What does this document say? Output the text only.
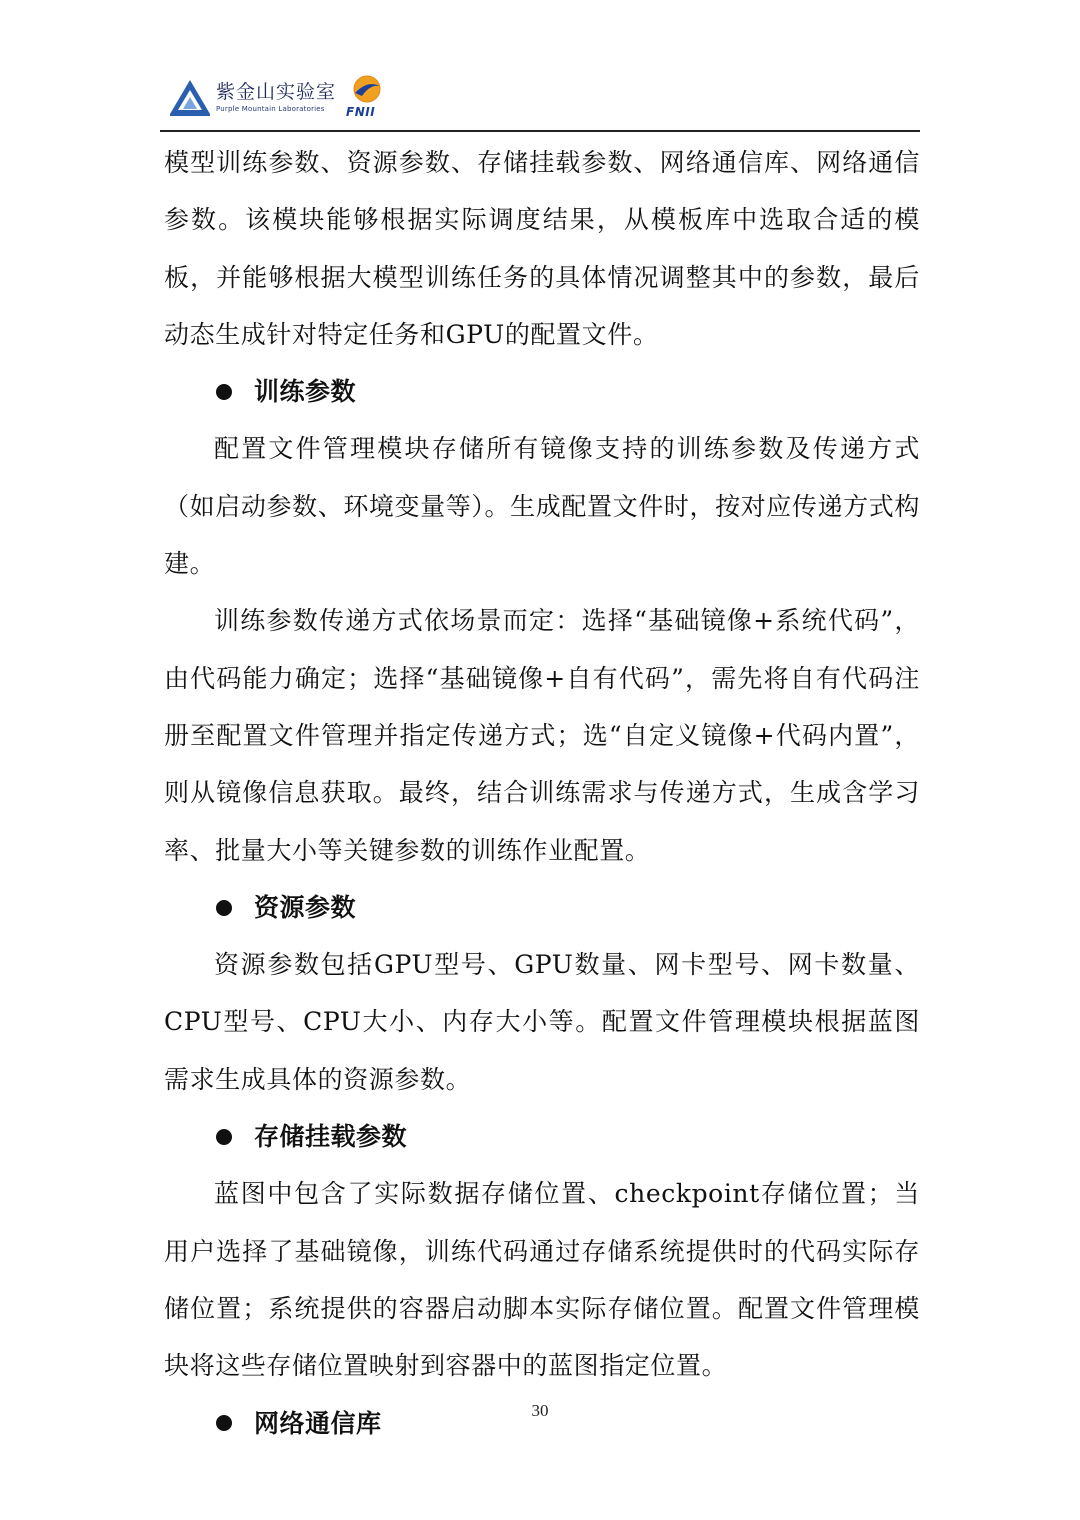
紫金山实验室
Purple Mountain Laboratories	FNII

模型训练参数、资源参数、存储挂载参数、网络通信库、网络通信参数。该模块能够根据实际调度结果，从模板库中选取合适的模板，并能够根据大模型训练任务的具体情况调整其中的参数，最后动态生成针对特定任务和GPU的配置文件。

训练参数

配置文件管理模块存储所有镜像支持的训练参数及传递方式（如启动参数、环境变量等）。生成配置文件时，按对应传递方式构建。

训练参数传递方式依场景而定：选择“基础镜像+系统代码”，由代码能力确定；选择“基础镜像+自有代码”，需先将自有代码注册至配置文件管理并指定传递方式；选“自定义镜像+代码内置”，则从镜像信息获取。最终，结合训练需求与传递方式，生成含学习率、批量大小等关键参数的训练作业配置。

资源参数

资源参数包括GPU型号、GPU数量、网卡型号、网卡数量、CPU型号、CPU大小、内存大小等。配置文件管理模块根据蓝图需求生成具体的资源参数。

存储挂载参数

蓝图中包含了实际数据存储位置、checkpoint存储位置；当用户选择了基础镜像，训练代码通过存储系统提供时的代码实际存储位置；系统提供的容器启动脚本实际存储位置。配置文件管理模块将这些存储位置映射到容器中的蓝图指定位置。

网络通信库	30
